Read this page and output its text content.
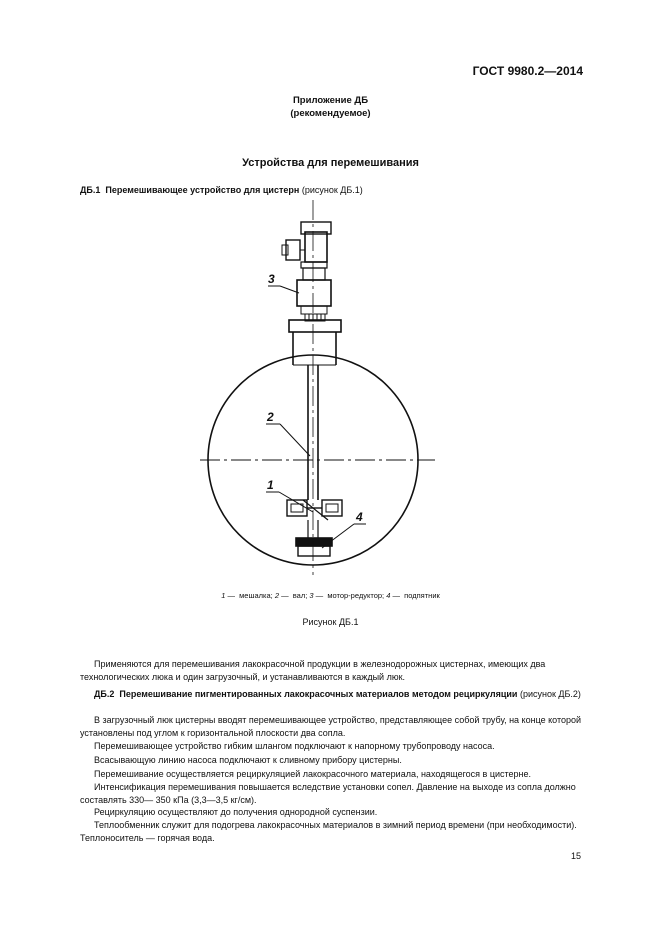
ГОСТ 9980.2—2014
Приложение ДБ
(рекомендуемое)
Устройства для перемешивания
ДБ.1 Перемешивающее устройство для цистерн (рисунок ДБ.1)
3
2
1
4
1 —  мешалка; 2 —  вал; 3 —  мотор-редуктор; 4 —  подпятник
Рисунок ДБ.1
Применяются для перемешивания лакокрасочной продукции в железнодорожных цистернах, имеющих два технологических люка и один загрузочный, и устанавливаются в каждый люк.
ДБ.2 Перемешивание пигментированных лакокрасочных материалов методом рециркуляции (рисунок ДБ.2)
В загрузочный люк цистерны вводят перемешивающее устройство, представляющее собой трубу, на конце которой установлены под углом к горизонтальной плоскости два сопла.
Перемешивающее устройство гибким шлангом подключают к напорному трубопроводу насоса.
Всасывающую линию насоса подключают к сливному прибору цистерны.
Перемешивание осуществляется рециркуляцией лакокрасочного материала, находящегося в цистерне.
Интенсификация перемешивания повышается вследствие установки сопел. Давление на выходе из сопла должно составлять 330— 350 кПа (3,3—3,5 кг/см).
Рециркуляцию осуществляют до получения однородной суспензии.
Теплообменник служит для подогрева лакокрасочных материалов в зимний период времени (при необходимости). Теплоноситель — горячая вода.
15
